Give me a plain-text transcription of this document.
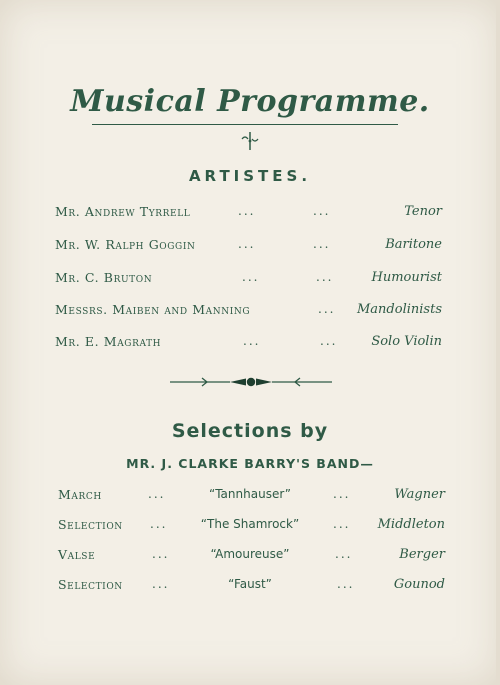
Musical Programme.
ARTISTES.
Mr. Andrew Tyrrell	...	...	Tenor
Mr. W. Ralph Goggin	...	...	Baritone
Mr. C. Bruton	...	...	Humourist
Messrs. Maiben and Manning	... Mandolinists
Mr. E. Magrath	...	...	Solo Violin
Selections by
MR. J. CLARKE BARRY'S BAND—
March	...	“Tannhauser”	...	Wagner
Selection ...	“The Shamrock”	... Middleton
Valse	...	“Amoureuse”	...	Berger
Selection ...	“Faust”	...	Gounod
